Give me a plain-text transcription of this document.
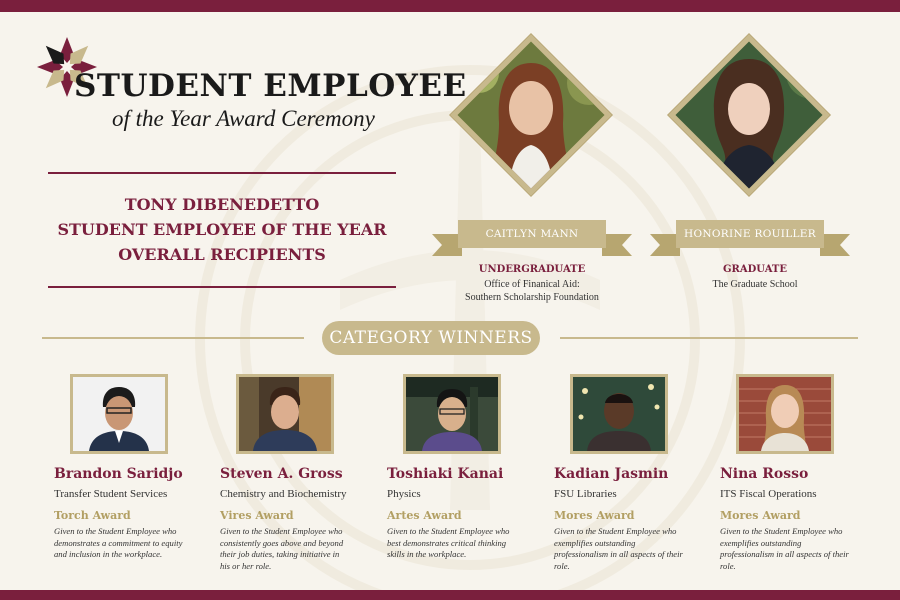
STUDENT EMPLOYEE
of the Year Award Ceremony
TONY DIBENEDETTO
STUDENT EMPLOYEE OF THE YEAR
OVERALL RECIPIENTS
CAITLYN MANN
UNDERGRADUATE
Office of Finanical Aid:
Southern Scholarship Foundation
HONORINE ROUILLER
GRADUATE
The Graduate School
CATEGORY WINNERS
Brandon Saridjo
Transfer Student Services
Torch Award
Given to the Student Employee who demonstrates a commitment to equity and inclusion in the workplace.
Steven A. Gross
Chemistry and Biochemistry
Vires Award
Given to the Student Employee who consistently goes above and beyond their job duties, taking initiative in his or her role.
Toshiaki Kanai
Physics
Artes Award
Given to the Student Employee who best demonstrates critical thinking skills in the workplace.
Kadian Jasmin
FSU Libraries
Mores Award
Given to the Student Employee who exemplifies outstanding professionalism in all aspects of their role.
Nina Rosso
ITS Fiscal Operations
Mores Award
Given to the Student Employee who exemplifies outstanding professionalism in all aspects of their role.
